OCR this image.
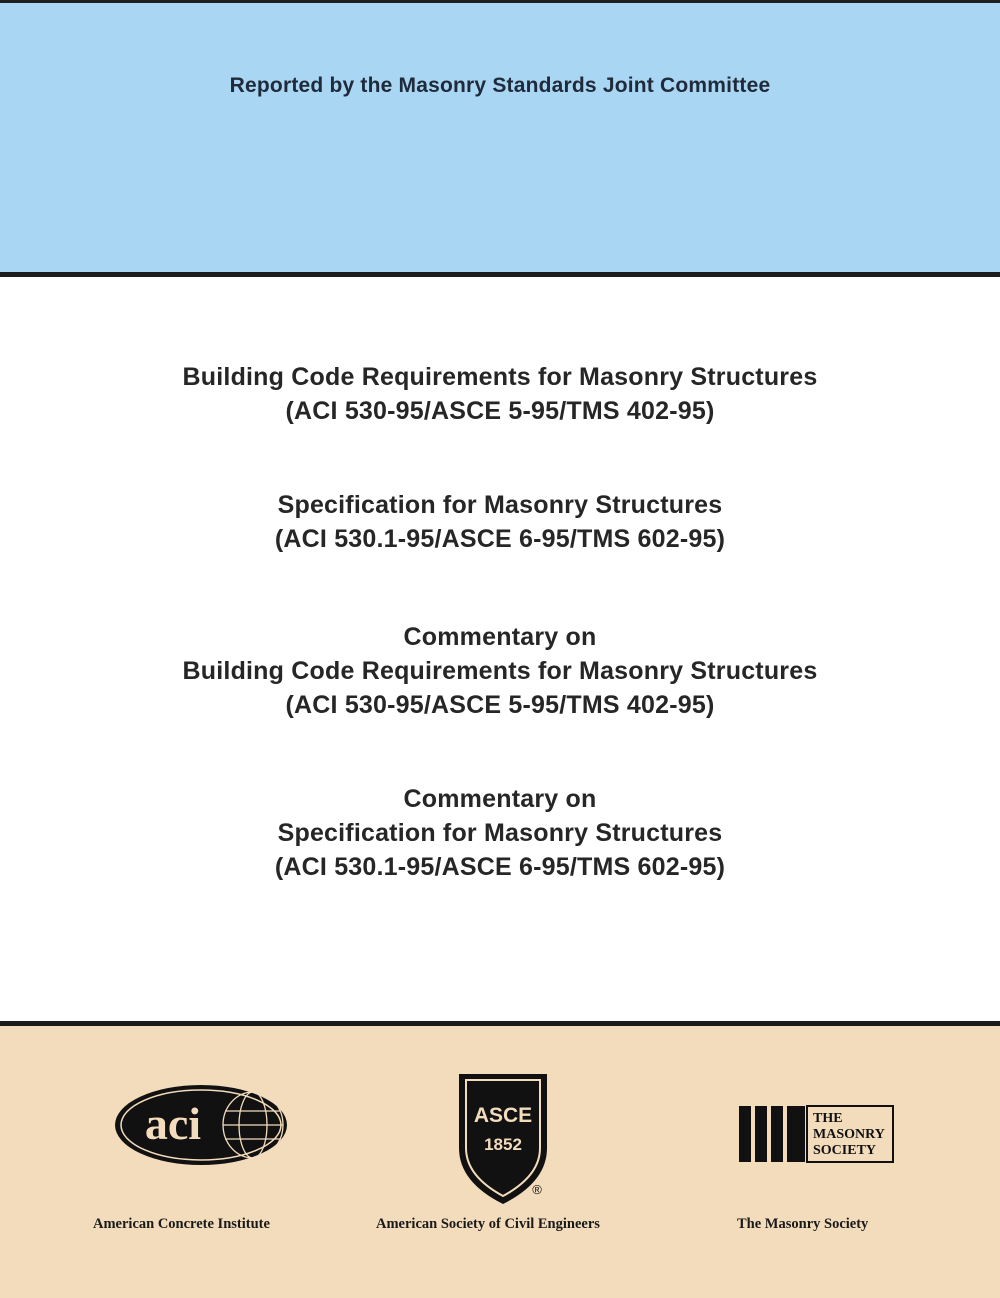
Reported by the Masonry Standards Joint Committee
Building Code Requirements for Masonry Structures
(ACI 530-95/ASCE 5-95/TMS 402-95)
Specification for Masonry Structures
(ACI 530.1-95/ASCE 6-95/TMS 602-95)
Commentary on
Building Code Requirements for Masonry Structures
(ACI 530-95/ASCE 5-95/TMS 402-95)
Commentary on
Specification for Masonry Structures
(ACI 530.1-95/ASCE 6-95/TMS 602-95)
aci	ASCE
1852
®
THE
MASONRY
SOCIETY
American Concrete Institute	American Society of Civil Engineers	The Masonry Society
